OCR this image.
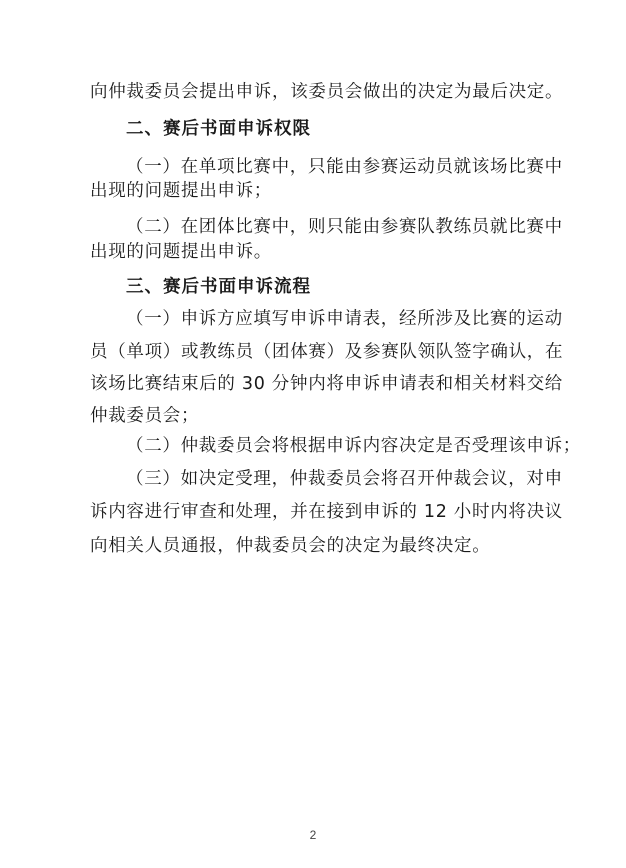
向仲裁委员会提出申诉，该委员会做出的决定为最后决定。
二、赛后书面申诉权限
（一）在单项比赛中，只能由参赛运动员就该场比赛中
出现的问题提出申诉；
（二）在团体比赛中，则只能由参赛队教练员就比赛中
出现的问题提出申诉。
三、赛后书面申诉流程
（一）申诉方应填写申诉申请表，经所涉及比赛的运动
员（单项）或教练员（团体赛）及参赛队领队签字确认，在
该场比赛结束后的 30 分钟内将申诉申请表和相关材料交给
仲裁委员会；
（二）仲裁委员会将根据申诉内容决定是否受理该申诉；
（三）如决定受理，仲裁委员会将召开仲裁会议，对申
诉内容进行审查和处理，并在接到申诉的 12 小时内将决议
向相关人员通报，仲裁委员会的决定为最终决定。
2
